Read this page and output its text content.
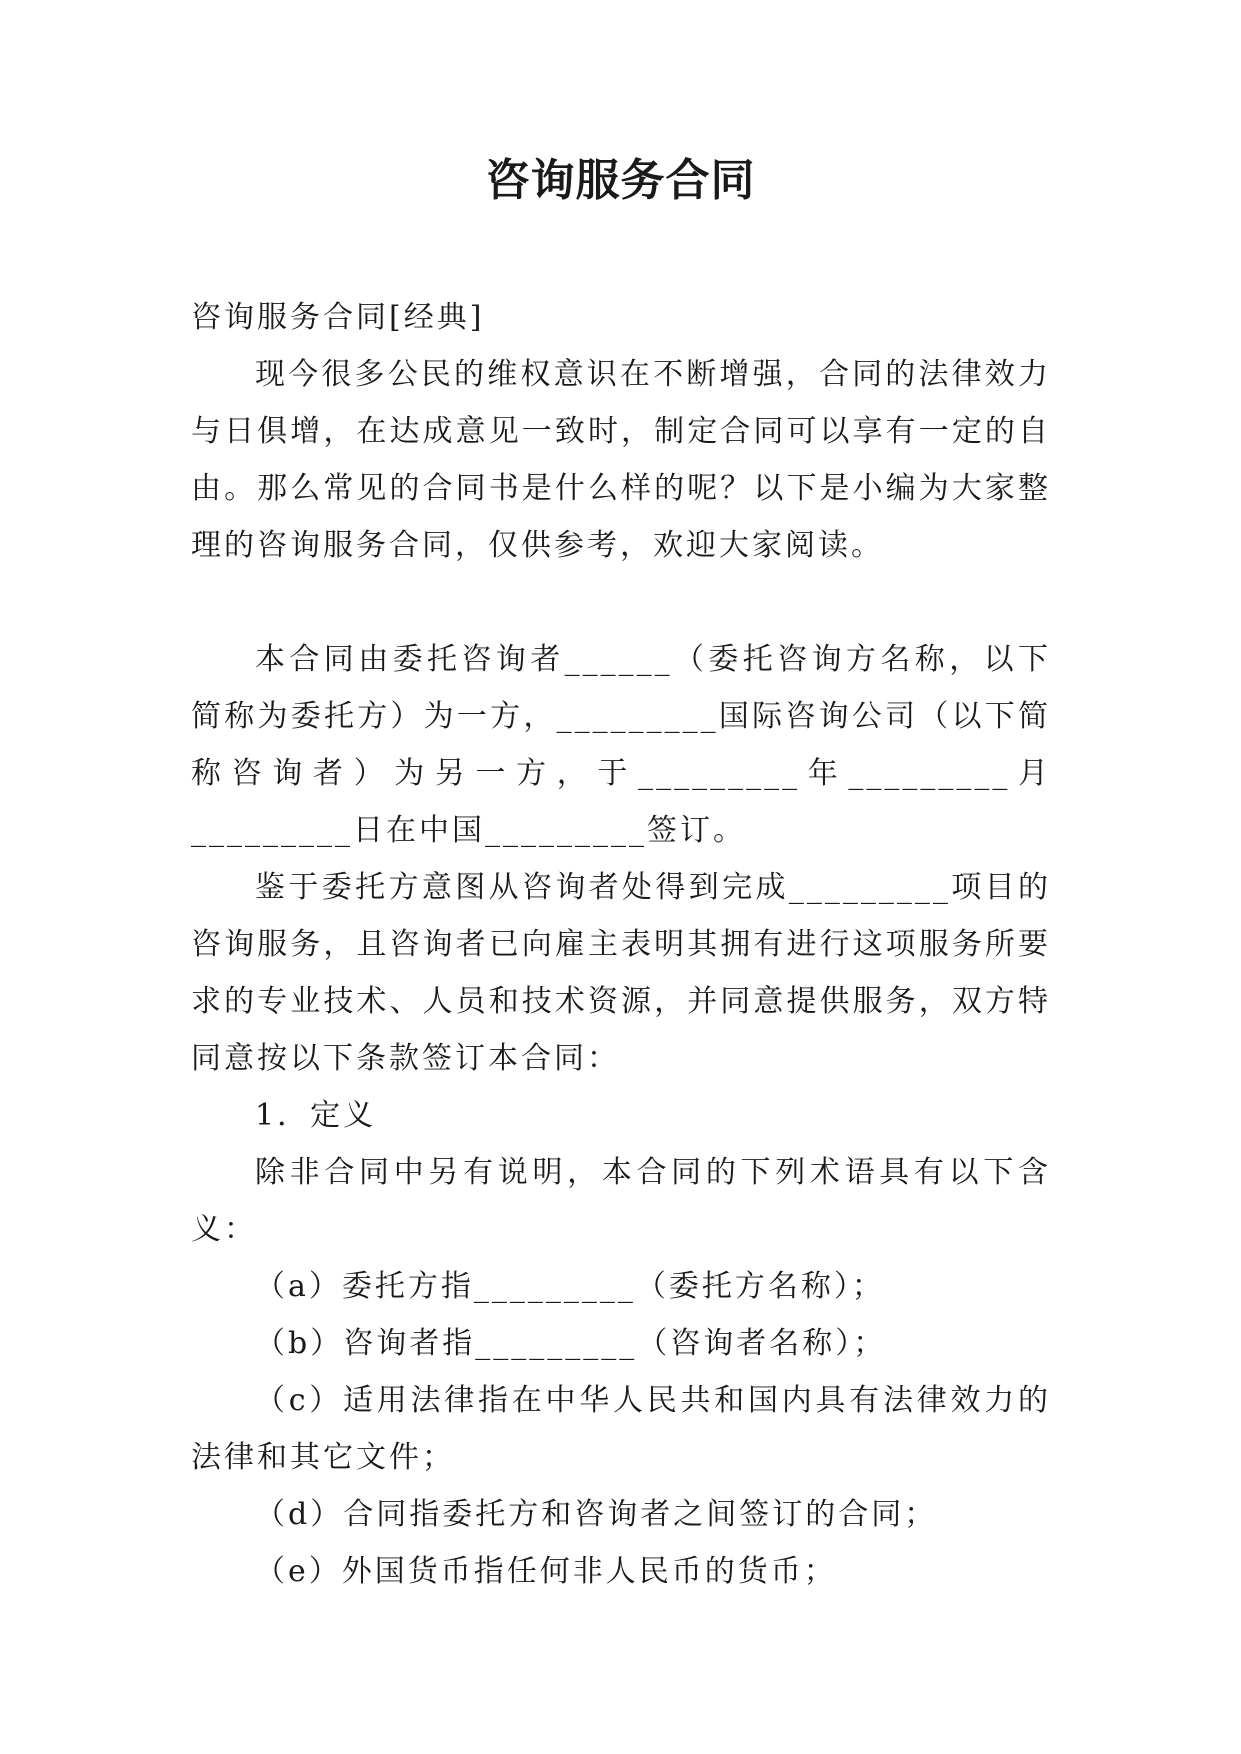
咨询服务合同

咨询服务合同[经典]

现今很多公民的维权意识在不断增强，合同的法律效力与日俱增，在达成意见一致时，制定合同可以享有一定的自由。那么常见的合同书是什么样的呢？以下是小编为大家整理的咨询服务合同，仅供参考，欢迎大家阅读。

本合同由委托咨询者______（委托咨询方名称，以下简称为委托方）为一方，_________国际咨询公司（以下简称咨询者）为另一方，于_________年_________月_________日在中国_________签订。

鉴于委托方意图从咨询者处得到完成_________项目的咨询服务，且咨询者已向雇主表明其拥有进行这项服务所要求的专业技术、人员和技术资源，并同意提供服务，双方特同意按以下条款签订本合同：

1．定义

除非合同中另有说明，本合同的下列术语具有以下含义：

（a）委托方指_________（委托方名称）；

（b）咨询者指_________（咨询者名称）；

（c）适用法律指在中华人民共和国内具有法律效力的法律和其它文件；

（d）合同指委托方和咨询者之间签订的合同；

（e）外国货币指任何非人民币的货币；
